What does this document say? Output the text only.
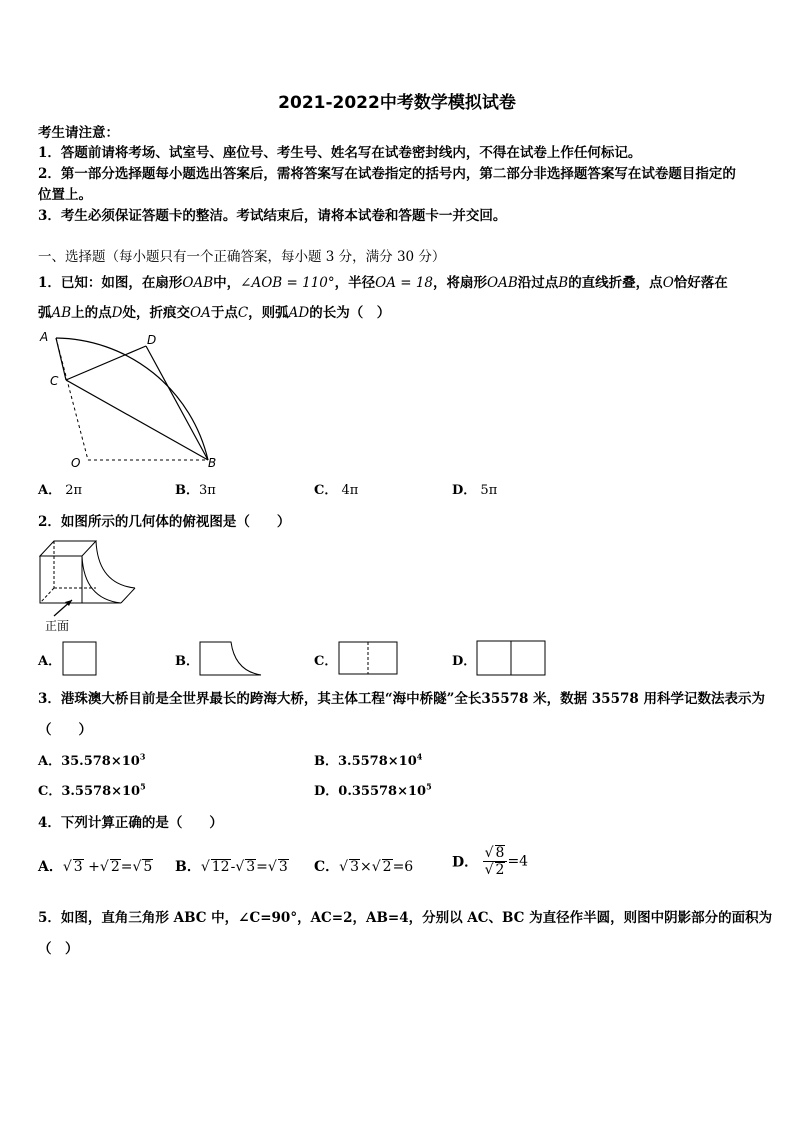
2021-2022中考数学模拟试卷
考生请注意：
1．答题前请将考场、试室号、座位号、考生号、姓名写在试卷密封线内，不得在试卷上作任何标记。
2．第一部分选择题每小题选出答案后，需将答案写在试卷指定的括号内，第二部分非选择题答案写在试卷题目指定的
位置上。
3．考生必须保证答题卡的整洁。考试结束后，请将本试卷和答题卡一并交回。
一、选择题（每小题只有一个正确答案，每小题 3 分，满分 30 分）
1．已知：如图，在扇形OAB中，∠AOB = 110°，半径OA = 18，将扇形OAB沿过点B的直线折叠，点O恰好落在
弧AB上的点D处，折痕交OA于点C，则弧AD的长为（　）
A	D
C
O	B
A． 2π	B．3π	C． 4π	D． 5π
2．如图所示的几何体的俯视图是（　　）
正面
A．	B．	C．	D．
3．港珠澳大桥目前是全世界最长的跨海大桥，其主体工程“海中桥隧”全长35578 米，数据 35578 用科学记数法表示为
（　　）
A．$35.578\times 10^3$	B．$3.5578\times 10^4$
C．$3.5578\times 10^5$	D．$0.35578\times 10^5$
4．下列计算正确的是（　　）
A．√ 3 +√ 2=√ 5 B．√ 12-√ 3=√ 3 C．√ 3×√ 2=6	D． $\frac{√ 8}{√ 2} =4$
5．如图，直角三角形 ABC 中，∠C=90°，AC=2，AB=4，分别以 AC、BC 为直径作半圆，则图中阴影部分的面积为
（　）
